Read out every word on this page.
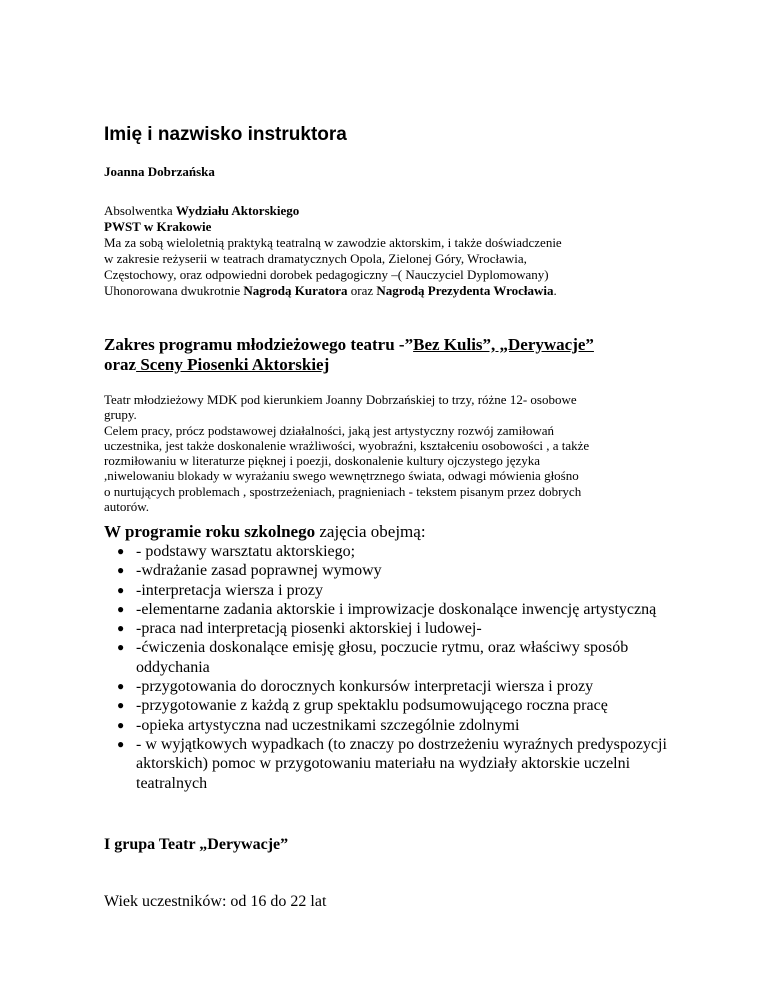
Imię i nazwisko instruktora
Joanna Dobrzańska
Absolwentka Wydziału Aktorskiego
PWST w Krakowie
Ma za sobą wieloletnią praktyką teatralną w zawodzie aktorskim, i także doświadczenie
w zakresie reżyserii w teatrach dramatycznych Opola, Zielonej Góry, Wrocławia,
Częstochowy, oraz odpowiedni dorobek pedagogiczny –( Nauczyciel Dyplomowany)
Uhonorowana dwukrotnie Nagrodą Kuratora oraz Nagrodą Prezydenta Wrocławia.
Zakres programu młodzieżowego teatru -”Bez Kulis”, „Derywacje”
oraz Sceny Piosenki Aktorskiej
Teatr młodzieżowy MDK pod kierunkiem Joanny Dobrzańskiej to trzy, różne 12- osobowe
grupy.
Celem pracy, prócz podstawowej działalności, jaką jest artystyczny rozwój zamiłowań
uczestnika, jest także doskonalenie wrażliwości, wyobraźni, kształceniu osobowości , a także
rozmiłowaniu w literaturze pięknej i poezji, doskonalenie kultury ojczystego języka
,niwelowaniu blokady w wyrażaniu swego wewnętrznego świata, odwagi mówienia głośno
o nurtujących problemach , spostrzeżeniach, pragnieniach - tekstem pisanym przez dobrych
autorów.
W programie roku szkolnego zajęcia obejmą:
● - podstawy warsztatu aktorskiego;
● -wdrażanie zasad poprawnej wymowy
● -interpretacja wiersza i prozy
● -elementarne zadania aktorskie i improwizacje doskonalące inwencję artystyczną
● -praca nad interpretacją piosenki aktorskiej i ludowej-
● -ćwiczenia doskonalące emisję głosu, poczucie rytmu, oraz właściwy sposób oddychania
● -przygotowania do dorocznych konkursów interpretacji wiersza i prozy
● -przygotowanie z każdą z grup spektaklu podsumowującego roczna pracę
● -opieka artystyczna nad uczestnikami szczególnie zdolnymi
● - w wyjątkowych wypadkach (to znaczy po dostrzeżeniu wyraźnych predyspozycji aktorskich) pomoc w przygotowaniu materiału na wydziały aktorskie uczelni teatralnych
I grupa Teatr „Derywacje”
Wiek uczestników: od 16 do 22 lat
